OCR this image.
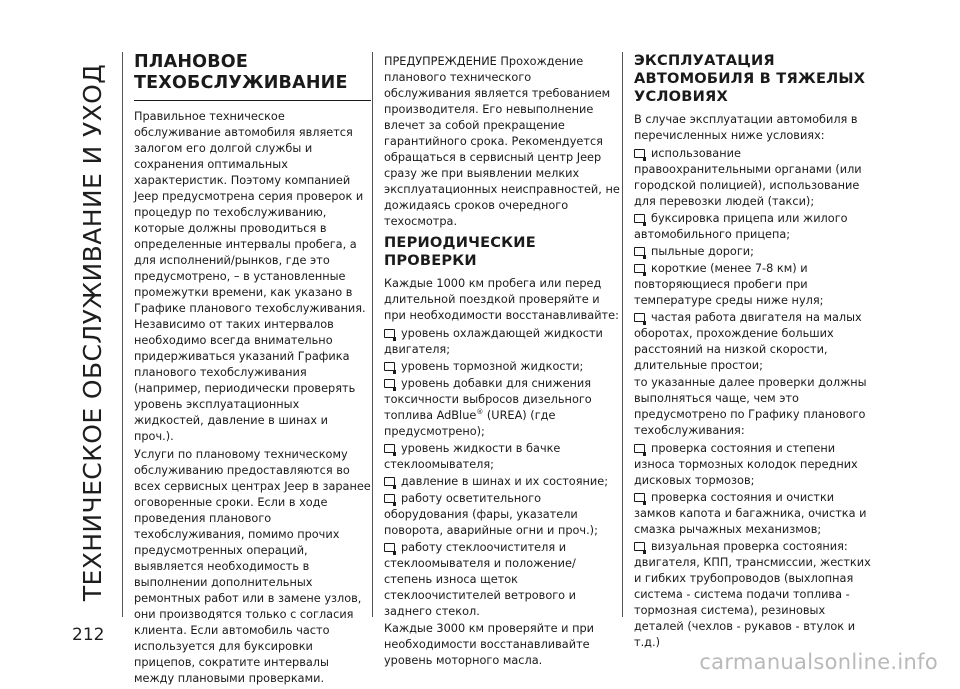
ТЕХНИЧЕСКОЕ ОБСЛУЖИВАНИЕ И УХОД
212
ПЛАНОВОЕ ТЕХОБСЛУЖИВАНИЕ

Правильное техническое обслуживание автомобиля является залогом его долгой службы и сохранения оптимальных характеристик. Поэтому компанией Jeep предусмотрена серия проверок и процедур по техобслуживанию, которые должны проводиться в определенные интервалы пробега, а для исполнений/рынков, где это предусмотрено, – в установленные промежутки времени, как указано в Графике планового техобслуживания. Независимо от таких интервалов необходимо всегда внимательно придерживаться указаний Графика планового техобслуживания (например, периодически проверять уровень эксплуатационных жидкостей, давление в шинах и проч.).

Услуги по плановому техническому обслуживанию предоставляются во всех сервисных центрах Jeep в заранее оговоренные сроки. Если в ходе проведения планового техобслуживания, помимо прочих предусмотренных операций, выявляется необходимость в выполнении дополнительных ремонтных работ или в замене узлов, они производятся только с согласия клиента. Если автомобиль часто используется для буксировки прицепов, сократите интервалы между плановыми проверками.

ПРЕДУПРЕЖДЕНИЕ Прохождение планового технического обслуживания является требованием производителя. Его невыполнение влечет за собой прекращение гарантийного срока. Рекомендуется обращаться в сервисный центр Jeep сразу же при выявлении мелких эксплуатационных неисправностей, не дожидаясь сроков очередного техосмотра.

ПЕРИОДИЧЕСКИЕ ПРОВЕРКИ

Каждые 1000 км пробега или перед длительной поездкой проверяйте и при необходимости восстанавливайте:

уровень охлаждающей жидкости двигателя;
уровень тормозной жидкости;
уровень добавки для снижения токсичности выбросов дизельного топлива AdBlue® (UREA) (где предусмотрено);
уровень жидкости в бачке стеклоомывателя;
давление в шинах и их состояние;
работу осветительного оборудования (фары, указатели поворота, аварийные огни и проч.);
работу стеклоочистителя и стеклоомывателя и положение/ степень износа щеток стеклоочистителей ветрового и заднего стекол.

Каждые 3000 км проверяйте и при необходимости восстанавливайте уровень моторного масла.

ЭКСПЛУАТАЦИЯ АВТОМОБИЛЯ В ТЯЖЕЛЫХ УСЛОВИЯХ

В случае эксплуатации автомобиля в перечисленных ниже условиях:

использование правоохранительными органами (или городской полицией), использование для перевозки людей (такси);
буксировка прицепа или жилого автомобильного прицепа;
пыльные дороги;
короткие (менее 7-8 км) и повторяющиеся пробеги при температуре среды ниже нуля;
частая работа двигателя на малых оборотах, прохождение больших расстояний на низкой скорости, длительные простои;

то указанные далее проверки должны выполняться чаще, чем это предусмотрено по Графику планового техобслуживания:

проверка состояния и степени износа тормозных колодок передних дисковых тормозов;
проверка состояния и очистки замков капота и багажника, очистка и смазка рычажных механизмов;
визуальная проверка состояния: двигателя, КПП, трансмиссии, жестких и гибких трубопроводов (выхлопная система - система подачи топлива - тормозная система), резиновых деталей (чехлов - рукавов - втулок и т.д.)
carmanualsonline.info
